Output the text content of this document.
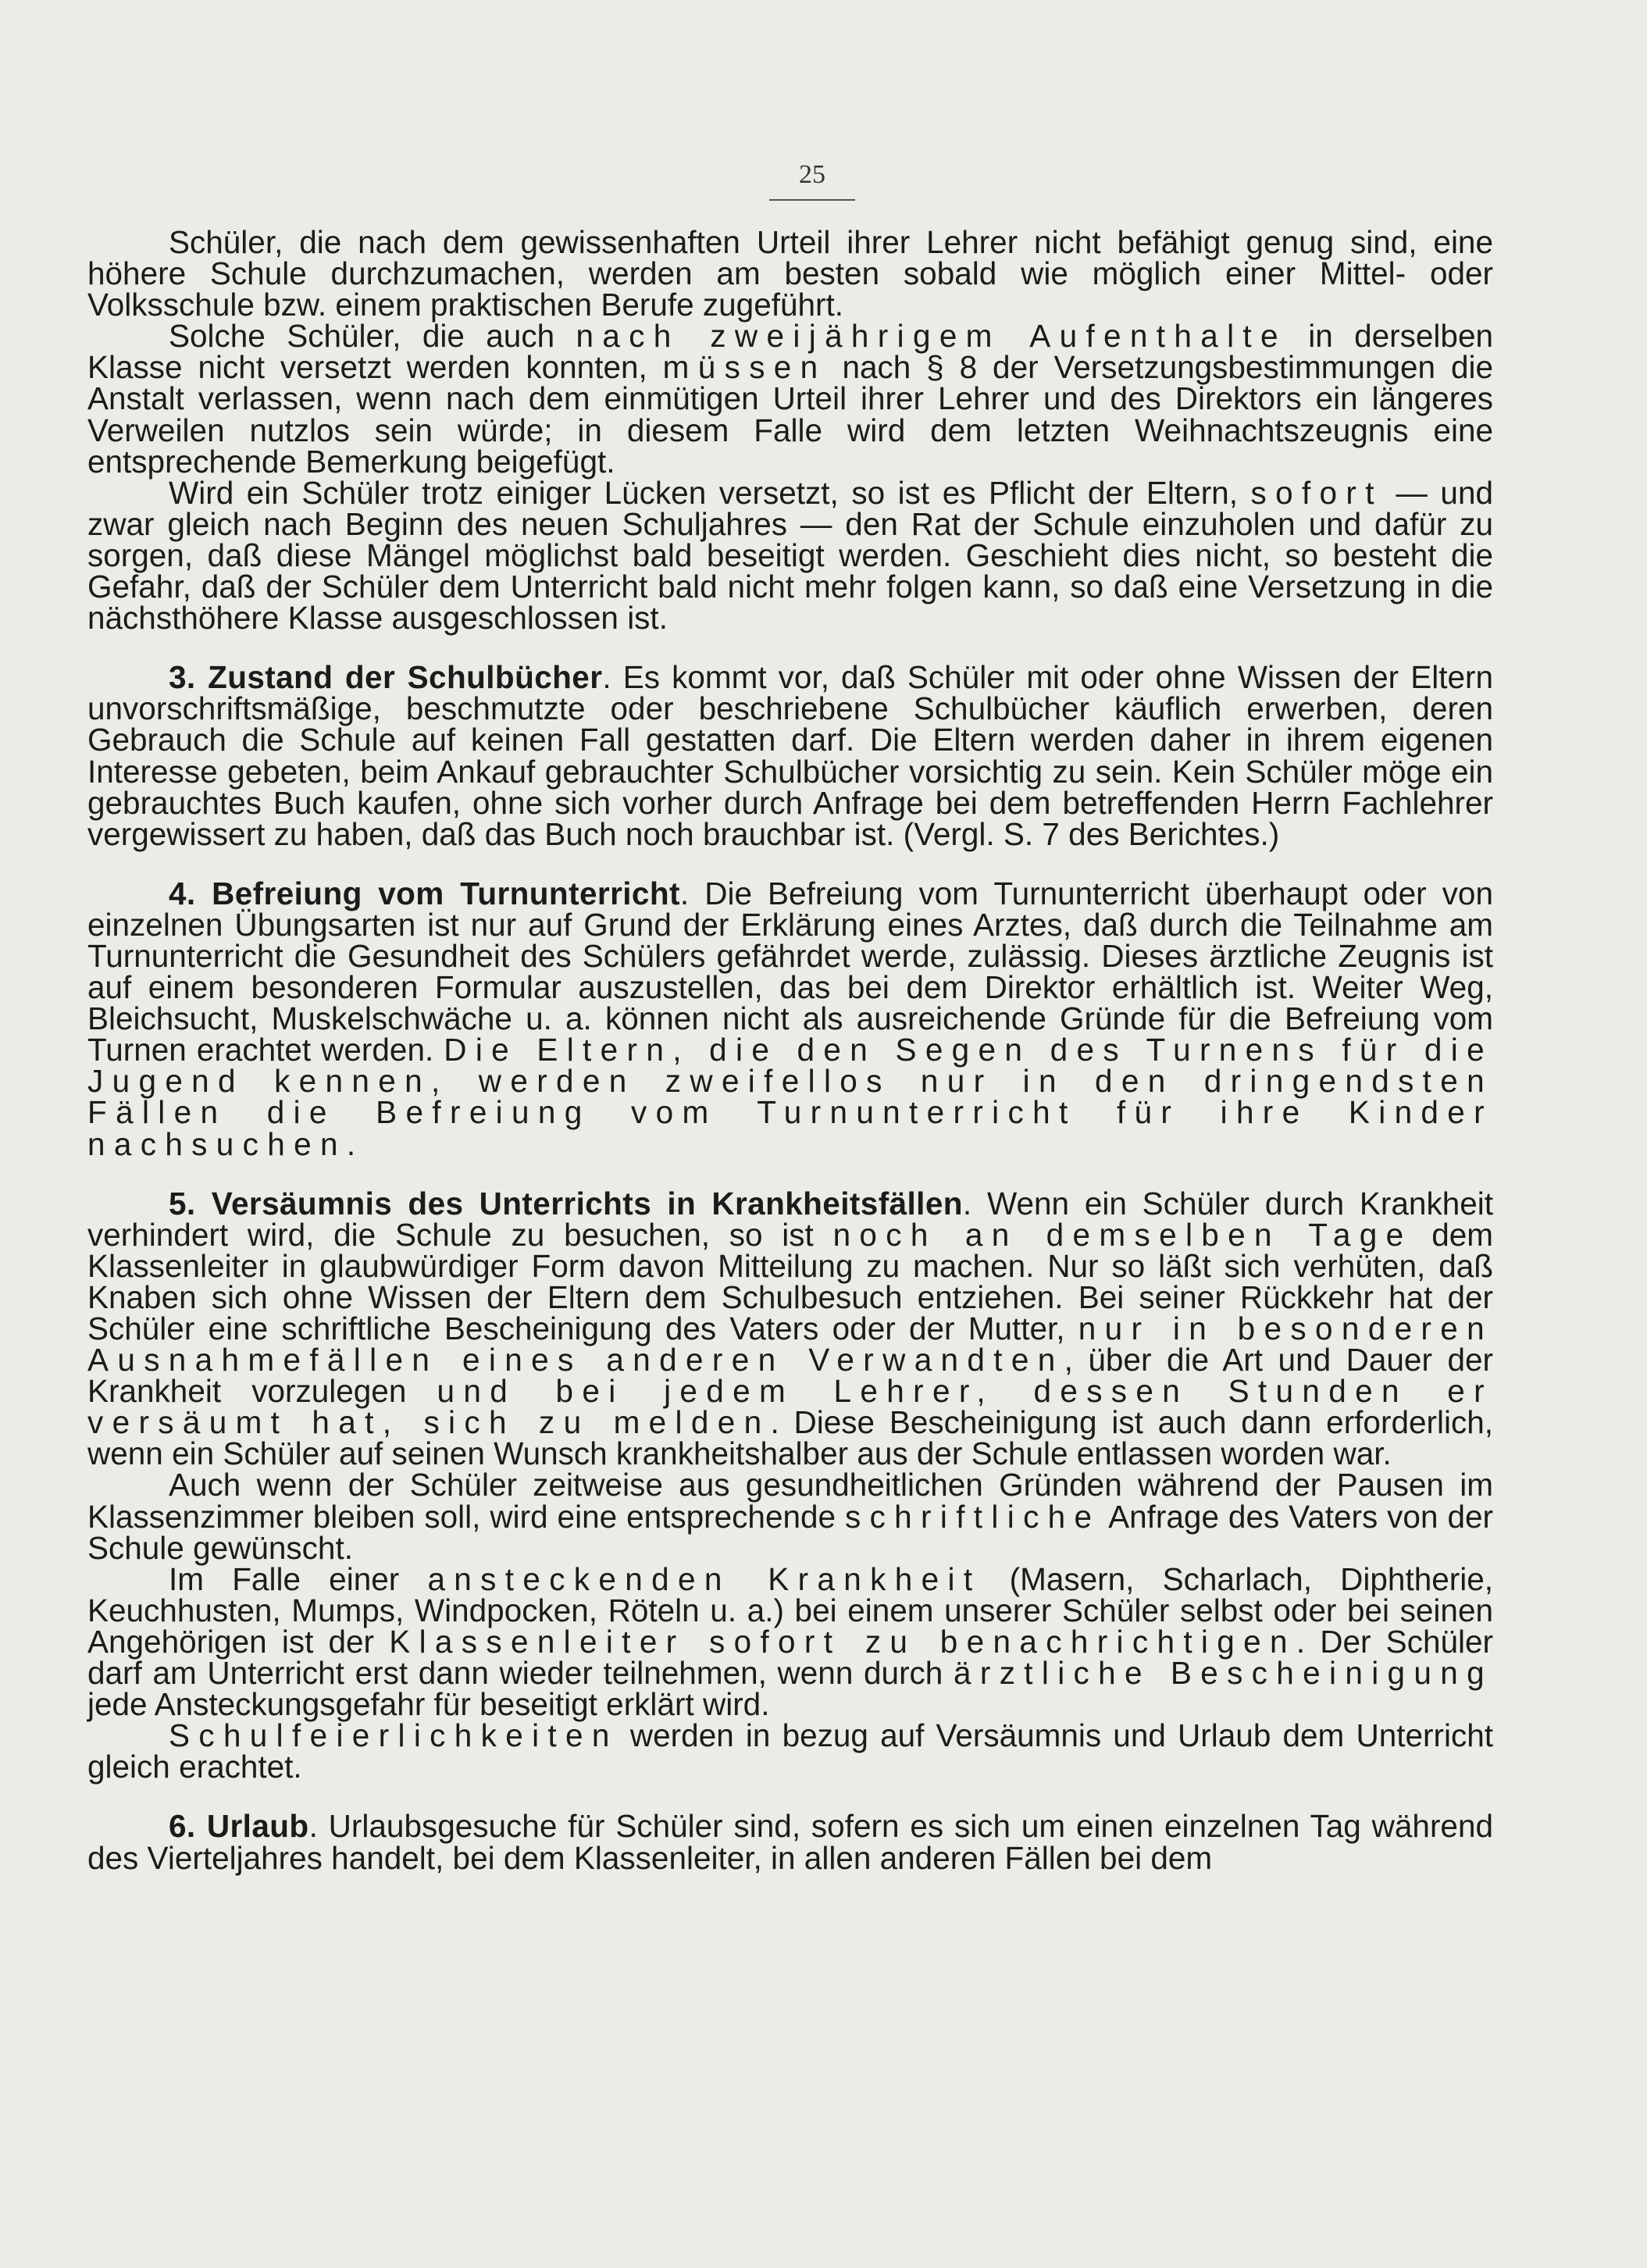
25

Schüler, die nach dem gewissenhaften Urteil ihrer Lehrer nicht befähigt genug sind, eine höhere Schule durchzumachen, werden am besten sobald wie möglich einer Mittel- oder Volksschule bzw. einem praktischen Berufe zugeführt.

Solche Schüler, die auch nach zweijährigem Aufenthalte in derselben Klasse nicht versetzt werden konnten, müssen nach § 8 der Versetzungsbestimmungen die Anstalt verlassen, wenn nach dem einmütigen Urteil ihrer Lehrer und des Direktors ein längeres Verweilen nutzlos sein würde; in diesem Falle wird dem letzten Weihnachtszeugnis eine entsprechende Bemerkung beigefügt.

Wird ein Schüler trotz einiger Lücken versetzt, so ist es Pflicht der Eltern, sofort — und zwar gleich nach Beginn des neuen Schuljahres — den Rat der Schule einzuholen und dafür zu sorgen, daß diese Mängel möglichst bald beseitigt werden. Geschieht dies nicht, so besteht die Gefahr, daß der Schüler dem Unterricht bald nicht mehr folgen kann, so daß eine Versetzung in die nächsthöhere Klasse ausgeschlossen ist.

3. Zustand der Schulbücher. Es kommt vor, daß Schüler mit oder ohne Wissen der Eltern unvorschriftsmäßige, beschmutzte oder beschriebene Schulbücher käuflich erwerben, deren Gebrauch die Schule auf keinen Fall gestatten darf. Die Eltern werden daher in ihrem eigenen Interesse gebeten, beim Ankauf gebrauchter Schulbücher vorsichtig zu sein. Kein Schüler möge ein gebrauchtes Buch kaufen, ohne sich vorher durch Anfrage bei dem betreffenden Herrn Fachlehrer vergewissert zu haben, daß das Buch noch brauchbar ist. (Vergl. S. 7 des Berichtes.)

4. Befreiung vom Turnunterricht. Die Befreiung vom Turnunterricht überhaupt oder von einzelnen Übungsarten ist nur auf Grund der Erklärung eines Arztes, daß durch die Teilnahme am Turnunterricht die Gesundheit des Schülers gefährdet werde, zulässig. Dieses ärztliche Zeugnis ist auf einem besonderen Formular auszustellen, das bei dem Direktor erhältlich ist. Weiter Weg, Bleichsucht, Muskelschwäche u. a. können nicht als ausreichende Gründe für die Befreiung vom Turnen erachtet werden. Die Eltern, die den Segen des Turnens für die Jugend kennen, werden zweifellos nur in den dringendsten Fällen die Befreiung vom Turnunterricht für ihre Kinder nachsuchen.

5. Versäumnis des Unterrichts in Krankheitsfällen. Wenn ein Schüler durch Krankheit verhindert wird, die Schule zu besuchen, so ist noch an demselben Tage dem Klassenleiter in glaubwürdiger Form davon Mitteilung zu machen. Nur so läßt sich verhüten, daß Knaben sich ohne Wissen der Eltern dem Schulbesuch entziehen. Bei seiner Rückkehr hat der Schüler eine schriftliche Bescheinigung des Vaters oder der Mutter, nur in besonderen Ausnahmefällen eines anderen Verwandten, über die Art und Dauer der Krankheit vorzulegen und bei jedem Lehrer, dessen Stunden er versäumt hat, sich zu melden. Diese Bescheinigung ist auch dann erforderlich, wenn ein Schüler auf seinen Wunsch krankheitshalber aus der Schule entlassen worden war.

Auch wenn der Schüler zeitweise aus gesundheitlichen Gründen während der Pausen im Klassenzimmer bleiben soll, wird eine entsprechende schriftliche Anfrage des Vaters von der Schule gewünscht.

Im Falle einer ansteckenden Krankheit (Masern, Scharlach, Diphtherie, Keuchhusten, Mumps, Windpocken, Röteln u. a.) bei einem unserer Schüler selbst oder bei seinen Angehörigen ist der Klassenleiter sofort zu benachrichtigen. Der Schüler darf am Unterricht erst dann wieder teilnehmen, wenn durch ärztliche Bescheinigung jede Ansteckungsgefahr für beseitigt erklärt wird.

Schulfeierlichkeiten werden in bezug auf Versäumnis und Urlaub dem Unterricht gleich erachtet.

6. Urlaub. Urlaubsgesuche für Schüler sind, sofern es sich um einen einzelnen Tag während des Vierteljahres handelt, bei dem Klassenleiter, in allen anderen Fällen bei dem
